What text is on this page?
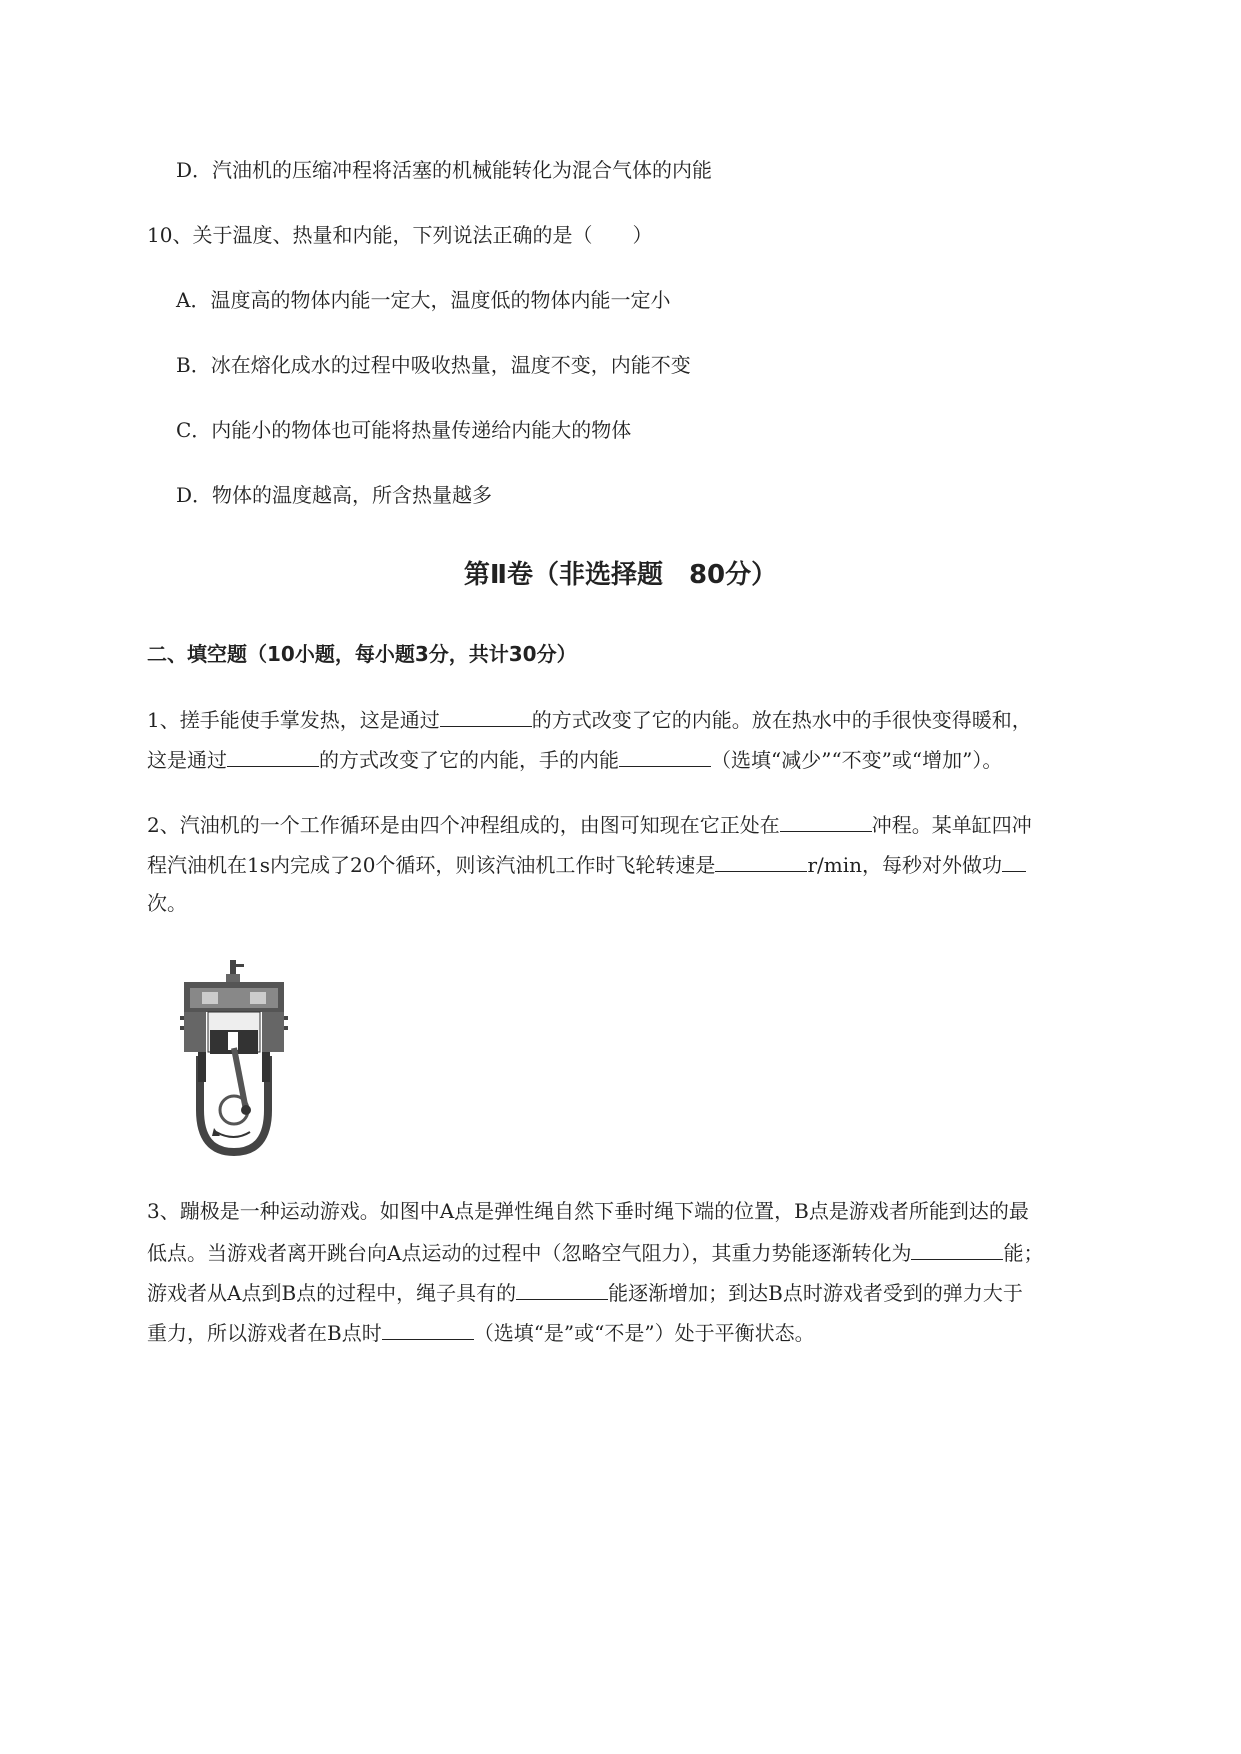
D．汽油机的压缩冲程将活塞的机械能转化为混合气体的内能
10、关于温度、热量和内能，下列说法正确的是（　　）
A．温度高的物体内能一定大，温度低的物体内能一定小
B．冰在熔化成水的过程中吸收热量，温度不变，内能不变
C．内能小的物体也可能将热量传递给内能大的物体
D．物体的温度越高，所含热量越多
第Ⅱ卷（非选择题　80分）
二、填空题（10小题，每小题3分，共计30分）
1、搓手能使手掌发热，这是通过	的方式改变了它的内能。放在热水中的手很快变得暖和，
这是通过	的方式改变了它的内能，手的内能	（选填“减少”“不变”或“增加”）。
2、汽油机的一个工作循环是由四个冲程组成的，由图可知现在它正处在	冲程。某单缸四冲
程汽油机在1s内完成了20个循环，则该汽油机工作时飞轮转速是	r/min，每秒对外做功
次。
3、蹦极是一种运动游戏。如图中A点是弹性绳自然下垂时绳下端的位置，B点是游戏者所能到达的最
低点。当游戏者离开跳台向A点运动的过程中（忽略空气阻力），其重力势能逐渐转化为	能；
游戏者从A点到B点的过程中，绳子具有的	能逐渐增加；到达B点时游戏者受到的弹力大于
重力，所以游戏者在B点时	（选填“是”或“不是”）处于平衡状态。
